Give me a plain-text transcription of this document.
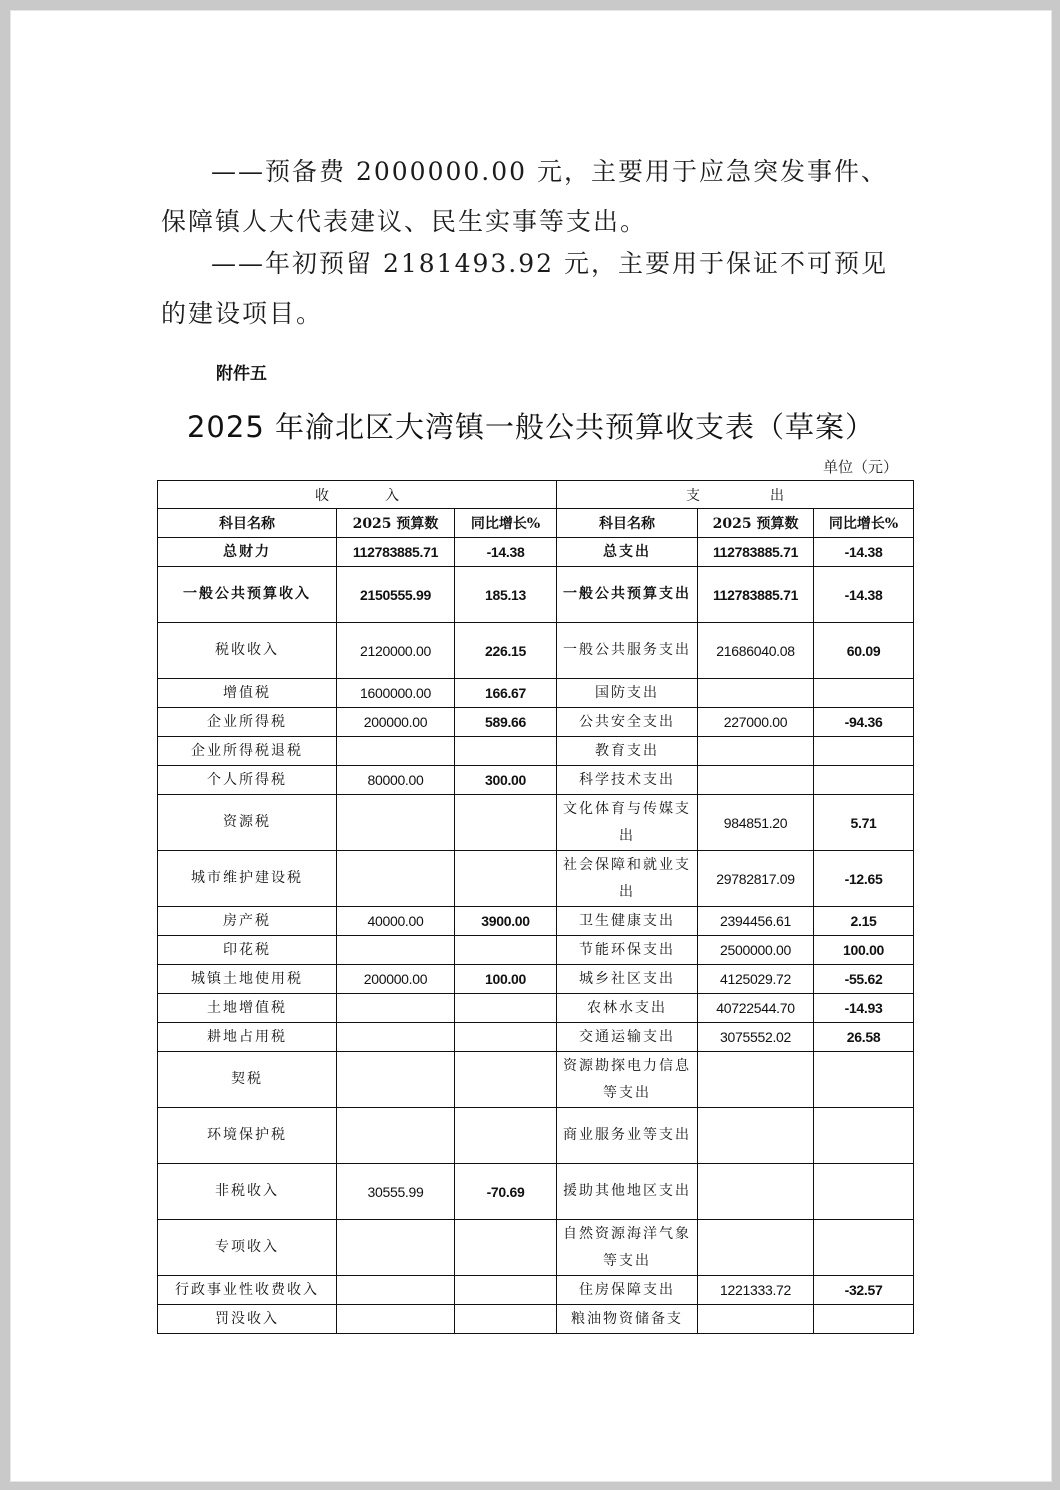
——预备费 2000000.00 元，主要用于应急突发事件、保障镇人大代表建议、民生实事等支出。

——年初预留 2181493.92 元，主要用于保证不可预见的建设项目。

附件五
2025 年渝北区大湾镇一般公共预算收支表（草案）
单位（元）
收　　　　入			支　　　　　出		
科目名称	2025 预算数	同比增长%	科目名称	2025 预算数	同比增长%
总财力	112783885.71	-14.38	总支出	112783885.71	-14.38
一般公共预算收入	2150555.99	185.13	一般公共预算支出	112783885.71	-14.38
税收收入	2120000.00	226.15	一般公共服务支出	21686040.08	60.09
增值税	1600000.00	166.67	国防支出		
企业所得税	200000.00	589.66	公共安全支出	227000.00	-94.36
企业所得税退税			教育支出		
个人所得税	80000.00	300.00	科学技术支出		
资源税			文化体育与传媒支出	984851.20	5.71
城市维护建设税			社会保障和就业支出	29782817.09	-12.65
房产税	40000.00	3900.00	卫生健康支出	2394456.61	2.15
印花税			节能环保支出	2500000.00	100.00
城镇土地使用税	200000.00	100.00	城乡社区支出	4125029.72	-55.62
土地增值税			农林水支出	40722544.70	-14.93
耕地占用税			交通运输支出	3075552.02	26.58
契税			资源勘探电力信息等支出		
环境保护税			商业服务业等支出		
非税收入	30555.99	-70.69	援助其他地区支出		
专项收入			自然资源海洋气象等支出		
行政事业性收费收入			住房保障支出	1221333.72	-32.57
罚没收入			粮油物资储备支		
